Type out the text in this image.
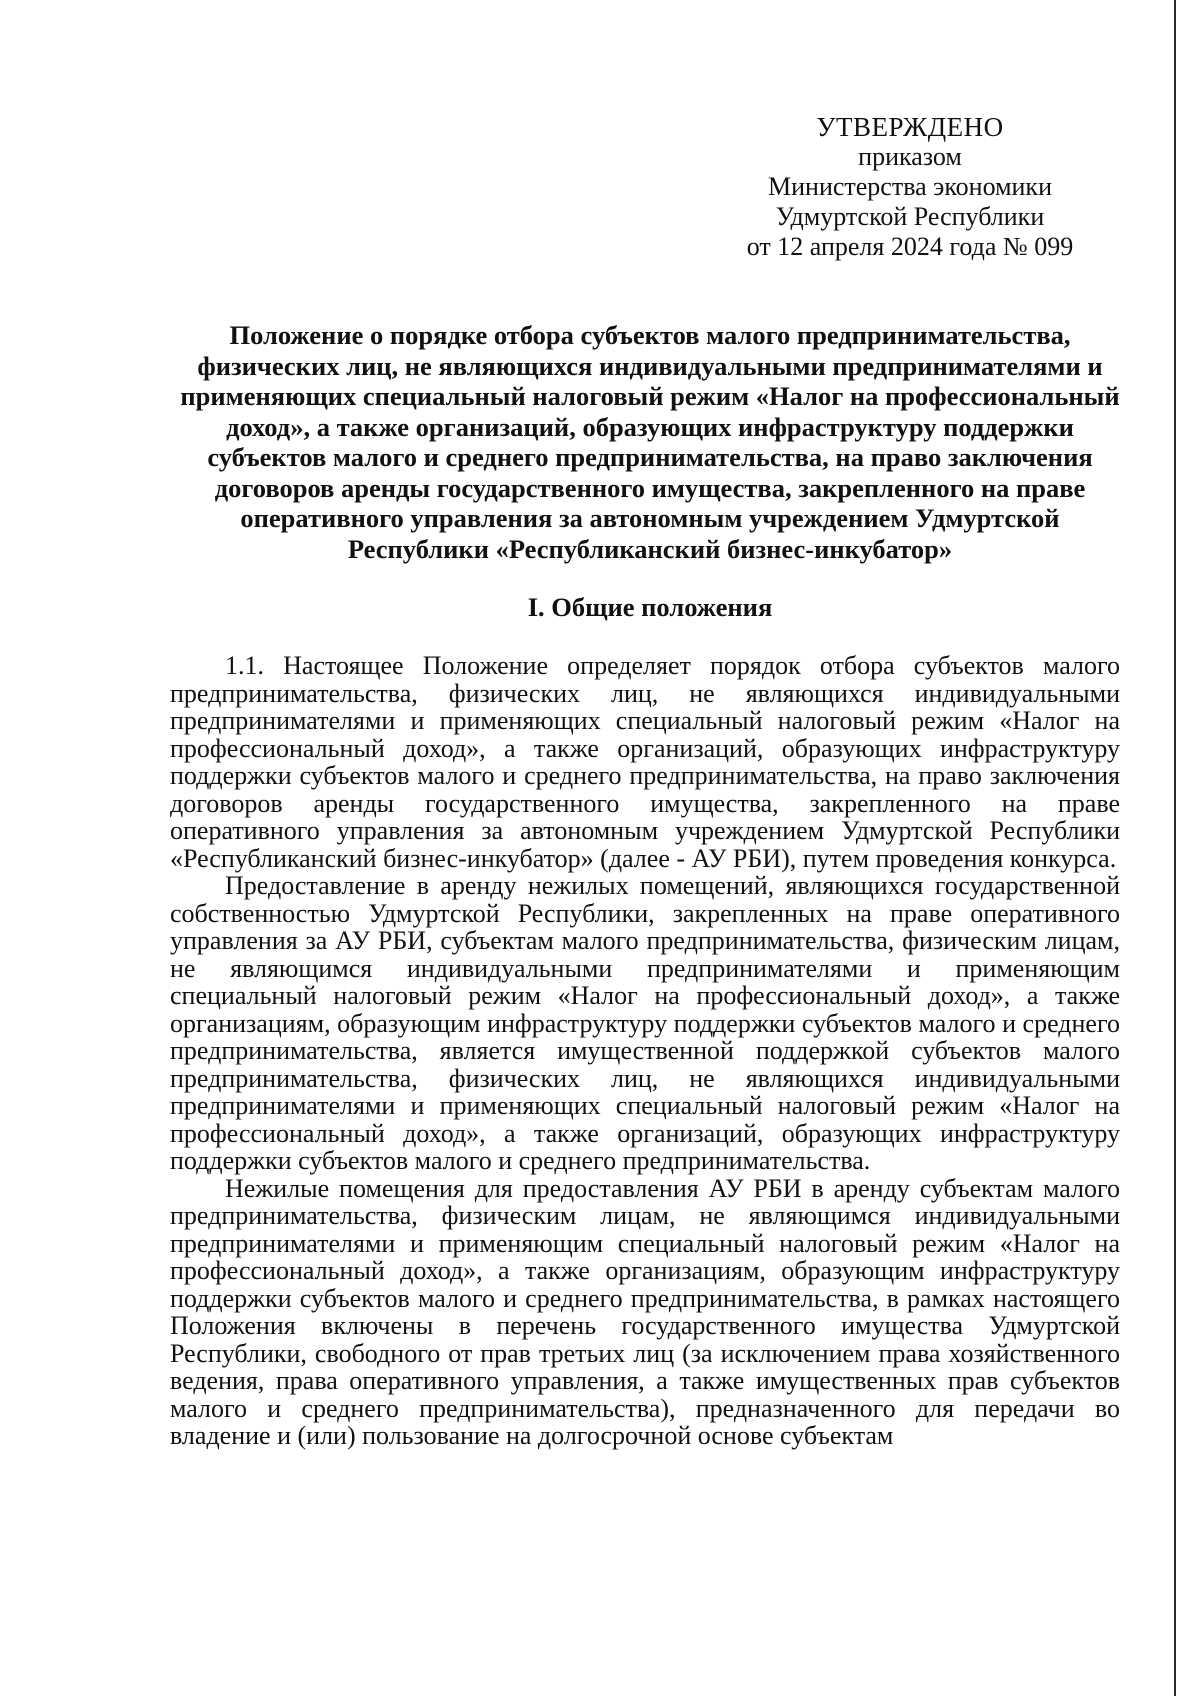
УТВЕРЖДЕНО
приказом
Министерства экономики
Удмуртской Республики
от 12 апреля 2024 года № 099
Положение о порядке отбора субъектов малого предпринимательства, физических лиц, не являющихся индивидуальными предпринимателями и применяющих специальный налоговый режим «Налог на профессиональный доход», а также организаций, образующих инфраструктуру поддержки субъектов малого и среднего предпринимательства, на право заключения договоров аренды государственного имущества, закрепленного на праве оперативного управления за автономным учреждением Удмуртской Республики «Республиканский бизнес-инкубатор»
I. Общие положения

1.1. Настоящее Положение определяет порядок отбора субъектов малого предпринимательства, физических лиц, не являющихся индивидуальными предпринимателями и применяющих специальный налоговый режим «Налог на профессиональный доход», а также организаций, образующих инфраструктуру поддержки субъектов малого и среднего предпринимательства, на право заключения договоров аренды государственного имущества, закрепленного на праве оперативного управления за автономным учреждением Удмуртской Республики «Республиканский бизнес-инкубатор» (далее - АУ РБИ), путем проведения конкурса.

Предоставление в аренду нежилых помещений, являющихся государственной собственностью Удмуртской Республики, закрепленных на праве оперативного управления за АУ РБИ, субъектам малого предпринимательства, физическим лицам, не являющимся индивидуальными предпринимателями и применяющим специальный налоговый режим «Налог на профессиональный доход», а также организациям, образующим инфраструктуру поддержки субъектов малого и среднего предпринимательства, является имущественной поддержкой субъектов малого предпринимательства, физических лиц, не являющихся индивидуальными предпринимателями и применяющих специальный налоговый режим «Налог на профессиональный доход», а также организаций, образующих инфраструктуру поддержки субъектов малого и среднего предпринимательства.

Нежилые помещения для предоставления АУ РБИ в аренду субъектам малого предпринимательства, физическим лицам, не являющимся индивидуальными предпринимателями и применяющим специальный налоговый режим «Налог на профессиональный доход», а также организациям, образующим инфраструктуру поддержки субъектов малого и среднего предпринимательства, в рамках настоящего Положения включены в перечень государственного имущества Удмуртской Республики, свободного от прав третьих лиц (за исключением права хозяйственного ведения, права оперативного управления, а также имущественных прав субъектов малого и среднего предпринимательства), предназначенного для передачи во владение и (или) пользование на долгосрочной основе субъектам
